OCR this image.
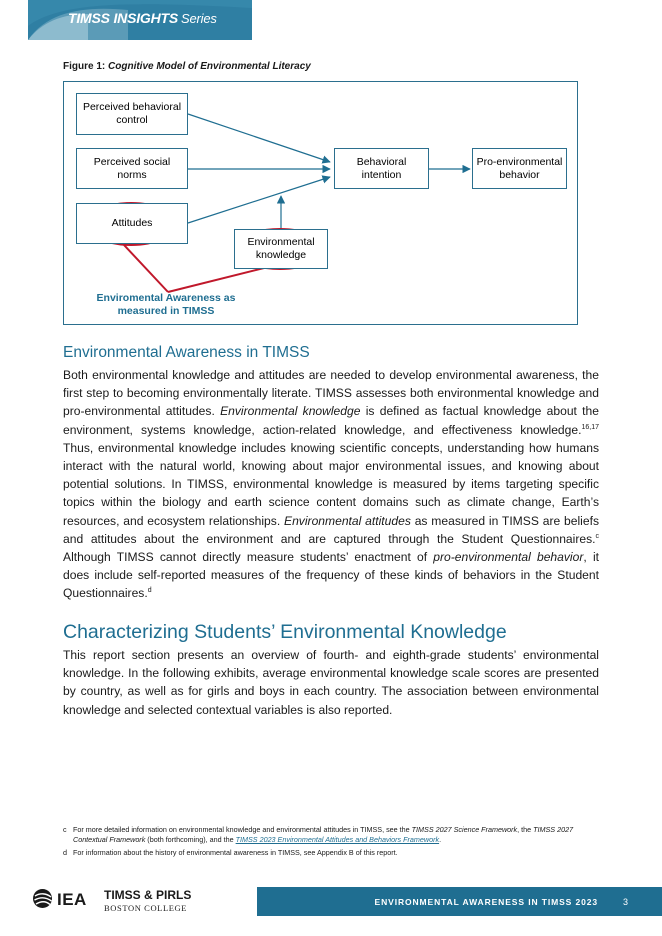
TIMSS INSIGHTS Series
Figure 1: Cognitive Model of Environmental Literacy
Perceived behavioral control
Perceived social norms
Attitudes
Environmental knowledge
Behavioral intention
Pro-environmental behavior
Enviromental Awareness as measured in TIMSS
Environmental Awareness in TIMSS

Both environmental knowledge and attitudes are needed to develop environmental awareness, the first step to becoming environmentally literate. TIMSS assesses both environmental knowledge and pro-environmental attitudes. Environmental knowledge is defined as factual knowledge about the environment, systems knowledge, action-related knowledge, and effectiveness knowledge.$^{16,17}$ Thus, environmental knowledge includes knowing scientific concepts, understanding how humans interact with the natural world, knowing about major environmental issues, and knowing about potential solutions. In TIMSS, environmental knowledge is measured by items targeting specific topics within the biology and earth science content domains such as climate change, Earth’s resources, and ecosystem relationships. Environmental attitudes as measured in TIMSS are beliefs and attitudes about the environment and are captured through the Student Questionnaires.$^c$ Although TIMSS cannot directly measure students’ enactment of pro-environmental behavior, it does include self-reported measures of the frequency of these kinds of behaviors in the Student Questionnaires.$^d$

Characterizing Students’ Environmental Knowledge

This report section presents an overview of fourth- and eighth-grade students’ environmental knowledge. In the following exhibits, average environmental knowledge scale scores are presented by country, as well as for girls and boys in each country. The association between environmental knowledge and selected contextual variables is also reported.

c For more detailed information on environmental knowledge and environmental attitudes in TIMSS, see the TIMSS 2027 Science Framework, the TIMSS 2027 Contextual Framework (both forthcoming), and the TIMSS 2023 Environmental Attitudes and Behaviors Framework.
d For information about the history of environmental awareness in TIMSS, see Appendix B of this report.
IEA TIMSS & PIRLS
BOSTON COLLEGE
ENVIRONMENTAL AWARENESS IN TIMSS 2023	3
